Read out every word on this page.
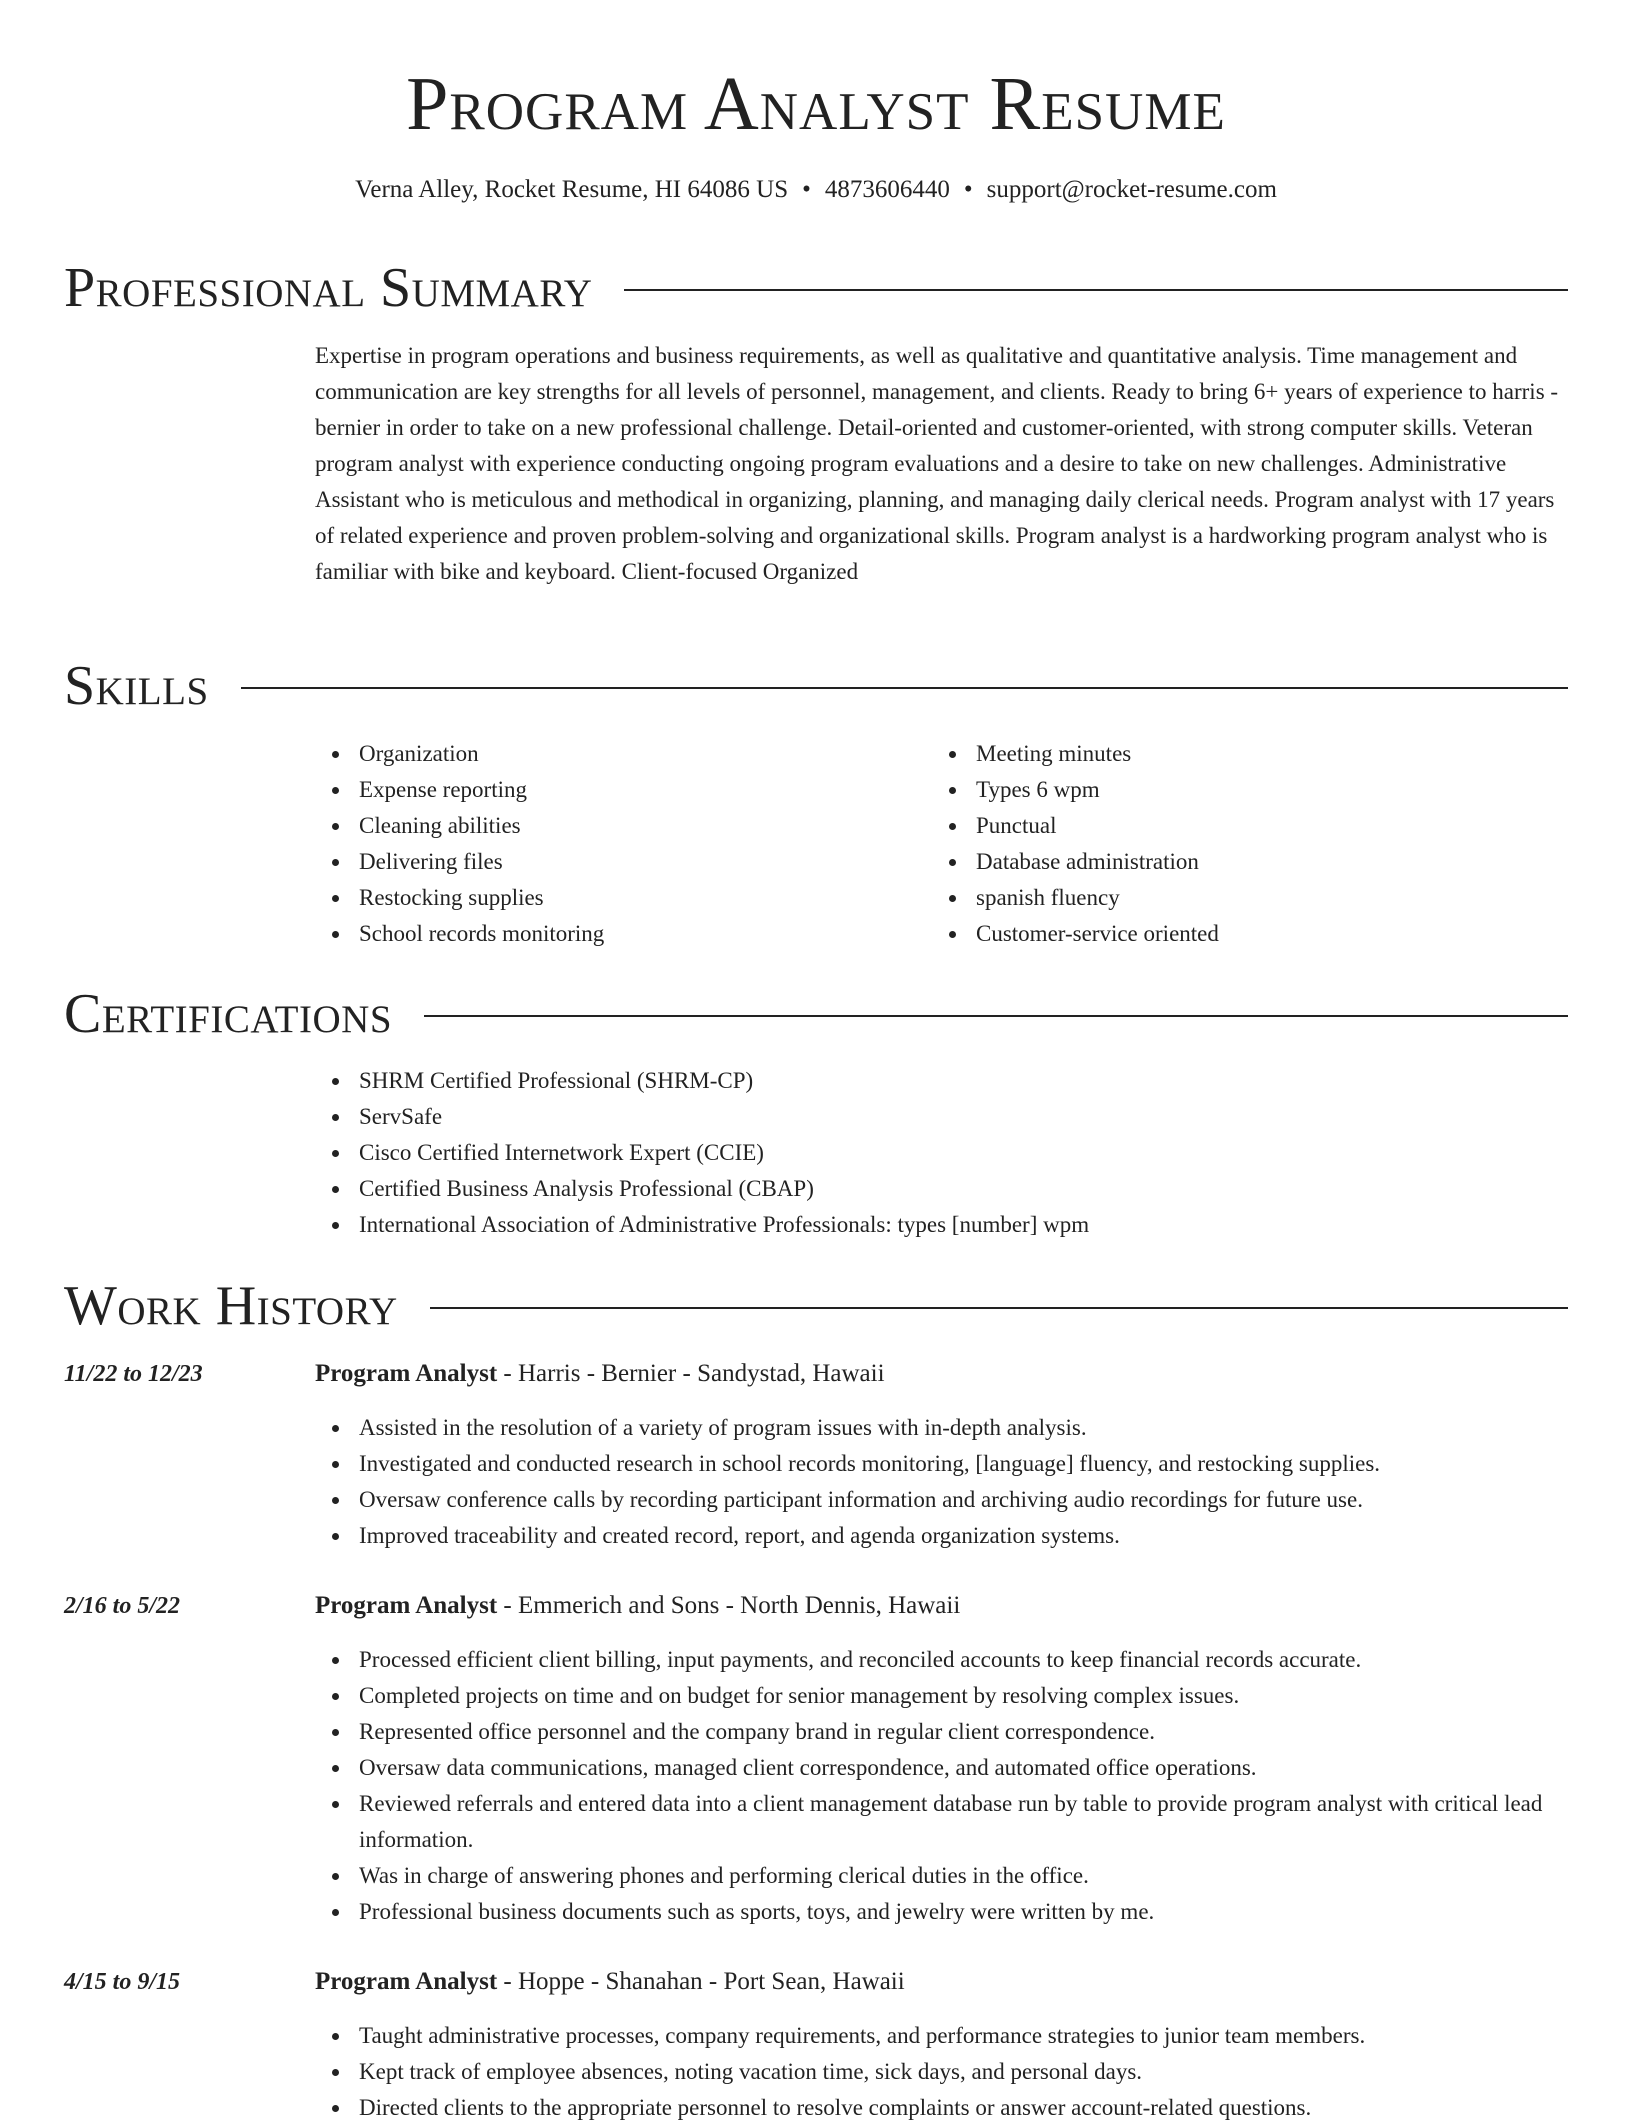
Program Analyst Resume
Verna Alley, Rocket Resume, HI 64086 US • 4873606440 • support@rocket-resume.com
Professional Summary

Expertise in program operations and business requirements, as well as qualitative and quantitative analysis. Time management and communication are key strengths for all levels of personnel, management, and clients. Ready to bring 6+ years of experience to harris - bernier in order to take on a new professional challenge. Detail-oriented and customer-oriented, with strong computer skills. Veteran program analyst with experience conducting ongoing program evaluations and a desire to take on new challenges. Administrative Assistant who is meticulous and methodical in organizing, planning, and managing daily clerical needs. Program analyst with 17 years of related experience and proven problem-solving and organizational skills. Program analyst is a hardworking program analyst who is familiar with bike and keyboard. Client-focused Organized

Skills
Organization
Expense reporting
Cleaning abilities
Delivering files
Restocking supplies
School records monitoring
Meeting minutes
Types 6 wpm
Punctual
Database administration
spanish fluency
Customer-service oriented
Certifications
SHRM Certified Professional (SHRM-CP)
ServSafe
Cisco Certified Internetwork Expert (CCIE)
Certified Business Analysis Professional (CBAP)
International Association of Administrative Professionals: types [number] wpm
Work History
11/22 to 12/23	Program Analyst - Harris - Bernier - Sandystad, Hawaii
Assisted in the resolution of a variety of program issues with in-depth analysis.
Investigated and conducted research in school records monitoring, [language] fluency, and restocking supplies.
Oversaw conference calls by recording participant information and archiving audio recordings for future use.
Improved traceability and created record, report, and agenda organization systems.
2/16 to 5/22	Program Analyst - Emmerich and Sons - North Dennis, Hawaii
Processed efficient client billing, input payments, and reconciled accounts to keep financial records accurate.
Completed projects on time and on budget for senior management by resolving complex issues.
Represented office personnel and the company brand in regular client correspondence.
Oversaw data communications, managed client correspondence, and automated office operations.
Reviewed referrals and entered data into a client management database run by table to provide program analyst with critical lead information.
Was in charge of answering phones and performing clerical duties in the office.
Professional business documents such as sports, toys, and jewelry were written by me.
4/15 to 9/15	Program Analyst - Hoppe - Shanahan - Port Sean, Hawaii
Taught administrative processes, company requirements, and performance strategies to junior team members.
Kept track of employee absences, noting vacation time, sick days, and personal days.
Directed clients to the appropriate personnel to resolve complaints or answer account-related questions.
